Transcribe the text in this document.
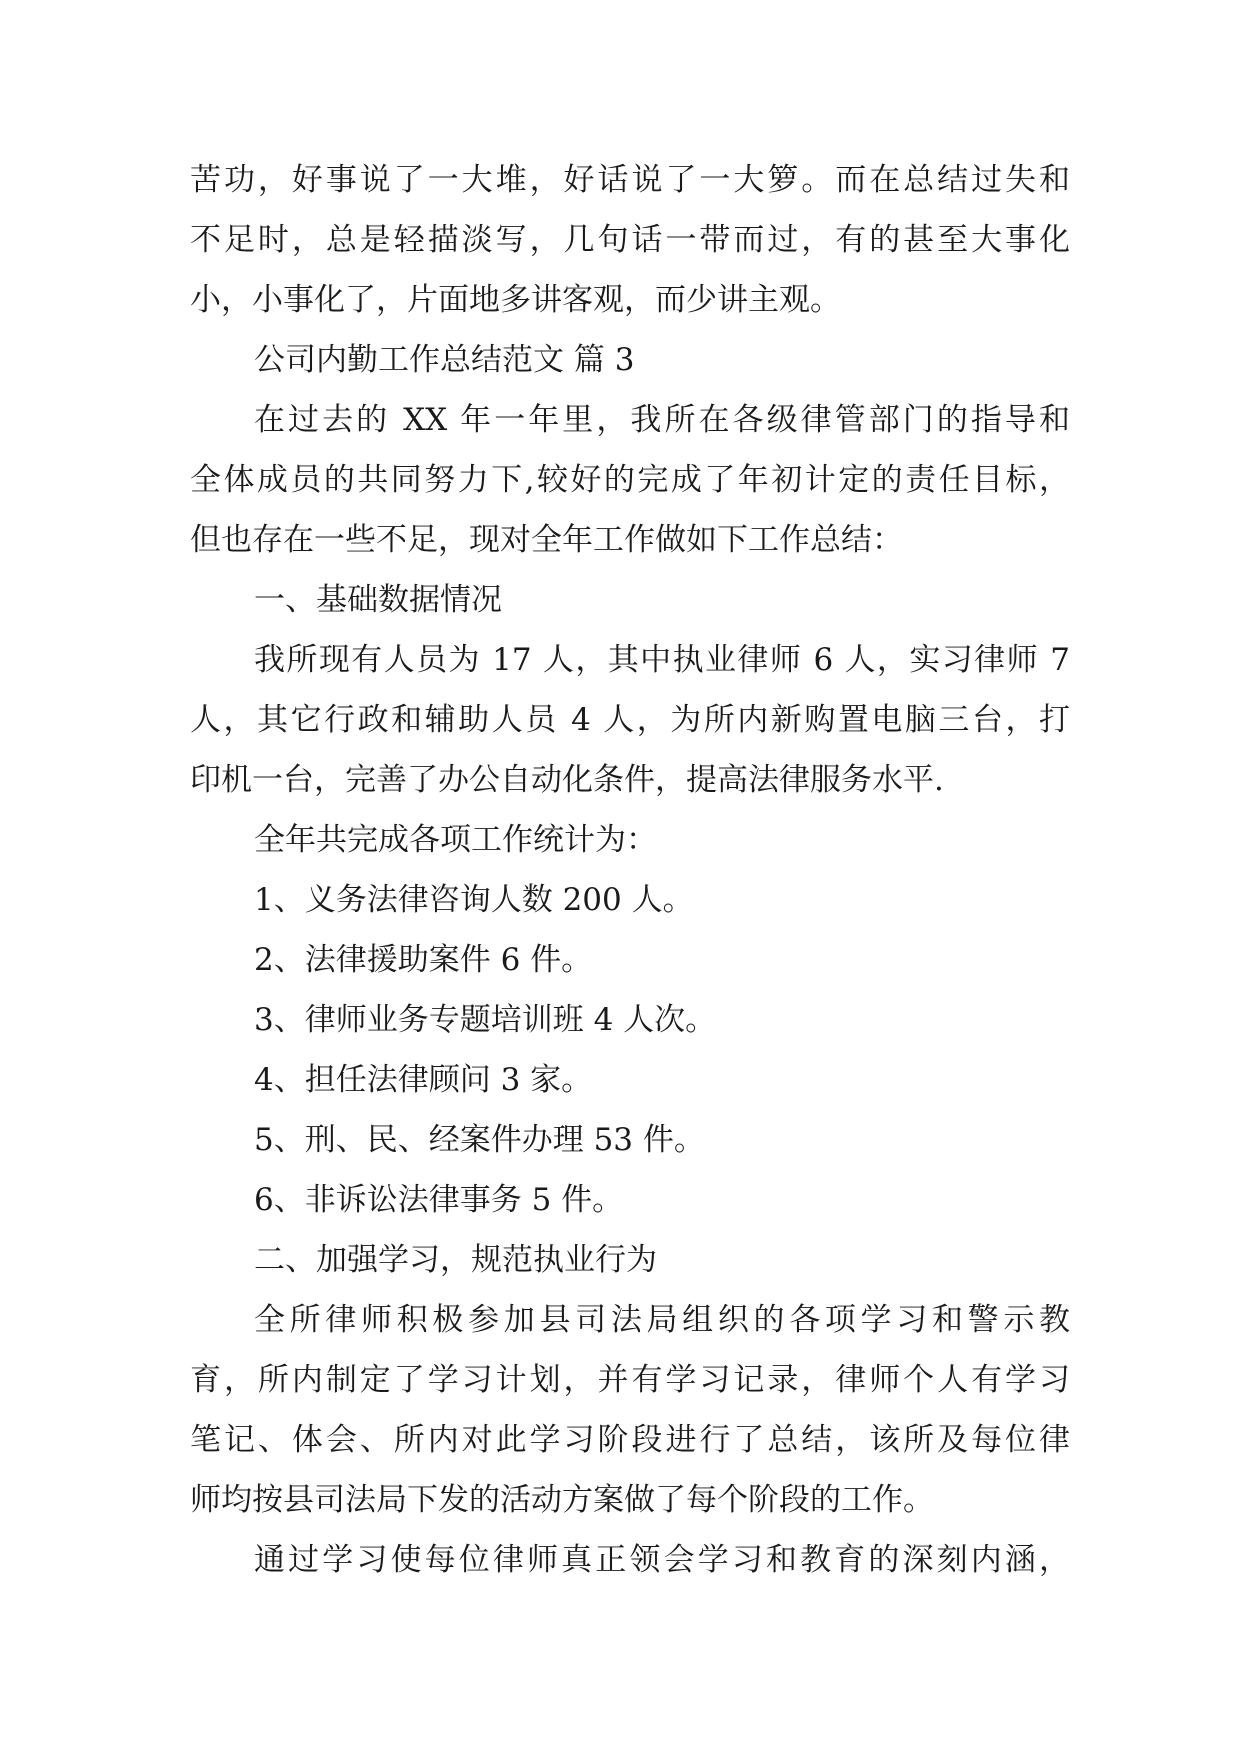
苦功，好事说了一大堆，好话说了一大箩。而在总结过失和
不足时，总是轻描淡写，几句话一带而过，有的甚至大事化
小，小事化了，片面地多讲客观，而少讲主观。
公司内勤工作总结范文 篇 3
在过去的 XX 年一年里，我所在各级律管部门的指导和
全体成员的共同努力下,较好的完成了年初计定的责任目标，
但也存在一些不足，现对全年工作做如下工作总结：
一、基础数据情况
我所现有人员为 17 人，其中执业律师 6 人，实习律师 7
人，其它行政和辅助人员 4 人，为所内新购置电脑三台，打
印机一台，完善了办公自动化条件，提高法律服务水平.
全年共完成各项工作统计为：
1、义务法律咨询人数 200 人。
2、法律援助案件 6 件。
3、律师业务专题培训班 4 人次。
4、担任法律顾问 3 家。
5、刑、民、经案件办理 53 件。
6、非诉讼法律事务 5 件。
二、加强学习，规范执业行为
全所律师积极参加县司法局组织的各项学习和警示教
育，所内制定了学习计划，并有学习记录，律师个人有学习
笔记、体会、所内对此学习阶段进行了总结，该所及每位律
师均按县司法局下发的活动方案做了每个阶段的工作。
通过学习使每位律师真正领会学习和教育的深刻内涵，
